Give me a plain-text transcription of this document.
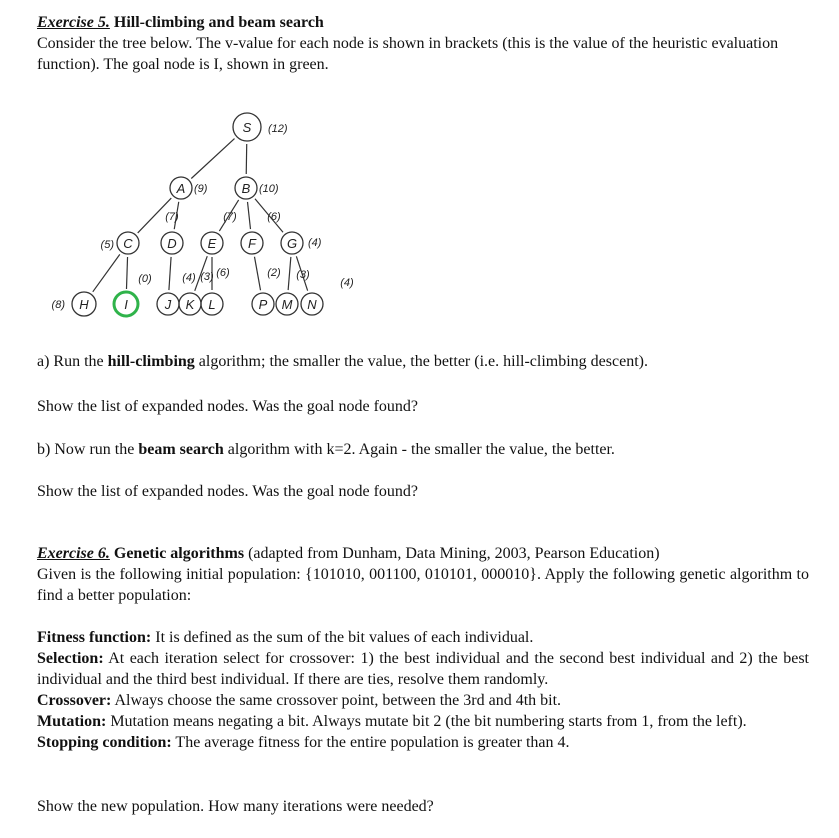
Exercise 5. Hill-climbing and beam search

Consider the tree below. The v-value for each node is shown in brackets (this is the value of the heuristic evaluation function). The goal node is I, shown in green.

S (12)
A (9)	B (10)
C
(5)	D
(7)
E
(7)
F
(6)
G (4)
H
(8)	I
(0)
J
(4)
K
(3)
L
(6)
P
(2)
M
(3)
N
(4)

a) Run the hill-climbing algorithm; the smaller the value, the better (i.e. hill-climbing descent).

Show the list of expanded nodes. Was the goal node found?

b) Now run the beam search algorithm with k=2. Again - the smaller the value, the better.

Show the list of expanded nodes. Was the goal node found?

Exercise 6. Genetic algorithms (adapted from Dunham, Data Mining, 2003, Pearson Education)

Given is the following initial population: {101010, 001100, 010101, 000010}. Apply the following genetic algorithm to find a better population:

Fitness function: It is defined as the sum of the bit values of each individual.

Selection: At each iteration select for crossover: 1) the best individual and the second best individual and 2) the best individual and the third best individual. If there are ties, resolve them randomly.

Crossover: Always choose the same crossover point, between the 3rd and 4th bit.

Mutation: Mutation means negating a bit. Always mutate bit 2 (the bit numbering starts from 1, from the left).

Stopping condition: The average fitness for the entire population is greater than 4.

Show the new population. How many iterations were needed?
